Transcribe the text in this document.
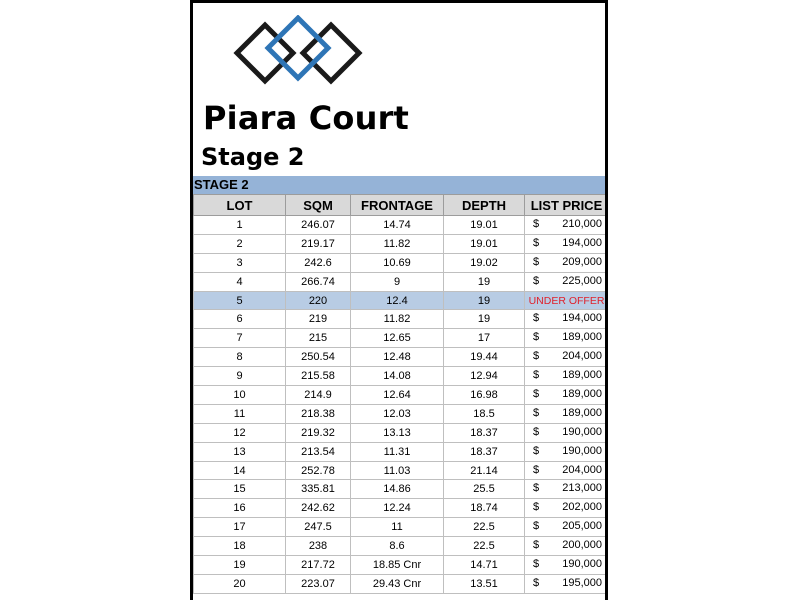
Piara Court
Stage 2
STAGE 2
LOT	SQM	FRONTAGE	DEPTH	LIST PRICE
1	246.07	14.74	19.01	$ 210,000

2	219.17	11.82	19.01	$ 194,000

3	242.6	10.69	19.02	$ 209,000

4	266.74	9	19	$ 225,000

5	220	12.4	19	UNDER OFFER
6	219	11.82	19	$ 194,000

7	215	12.65	17	$ 189,000

8	250.54	12.48	19.44	$ 204,000

9	215.58	14.08	12.94	$ 189,000

10	214.9	12.64	16.98	$ 189,000

11	218.38	12.03	18.5	$ 189,000

12	219.32	13.13	18.37	$ 190,000

13	213.54	11.31	18.37	$ 190,000

14	252.78	11.03	21.14	$ 204,000

15	335.81	14.86	25.5	$ 213,000

16	242.62	12.24	18.74	$ 202,000

17	247.5	11	22.5	$ 205,000

18	238	8.6	22.5	$ 200,000

19	217.72	18.85 Cnr	14.71	$ 190,000

20	223.07	29.43 Cnr	13.51	$ 195,000
